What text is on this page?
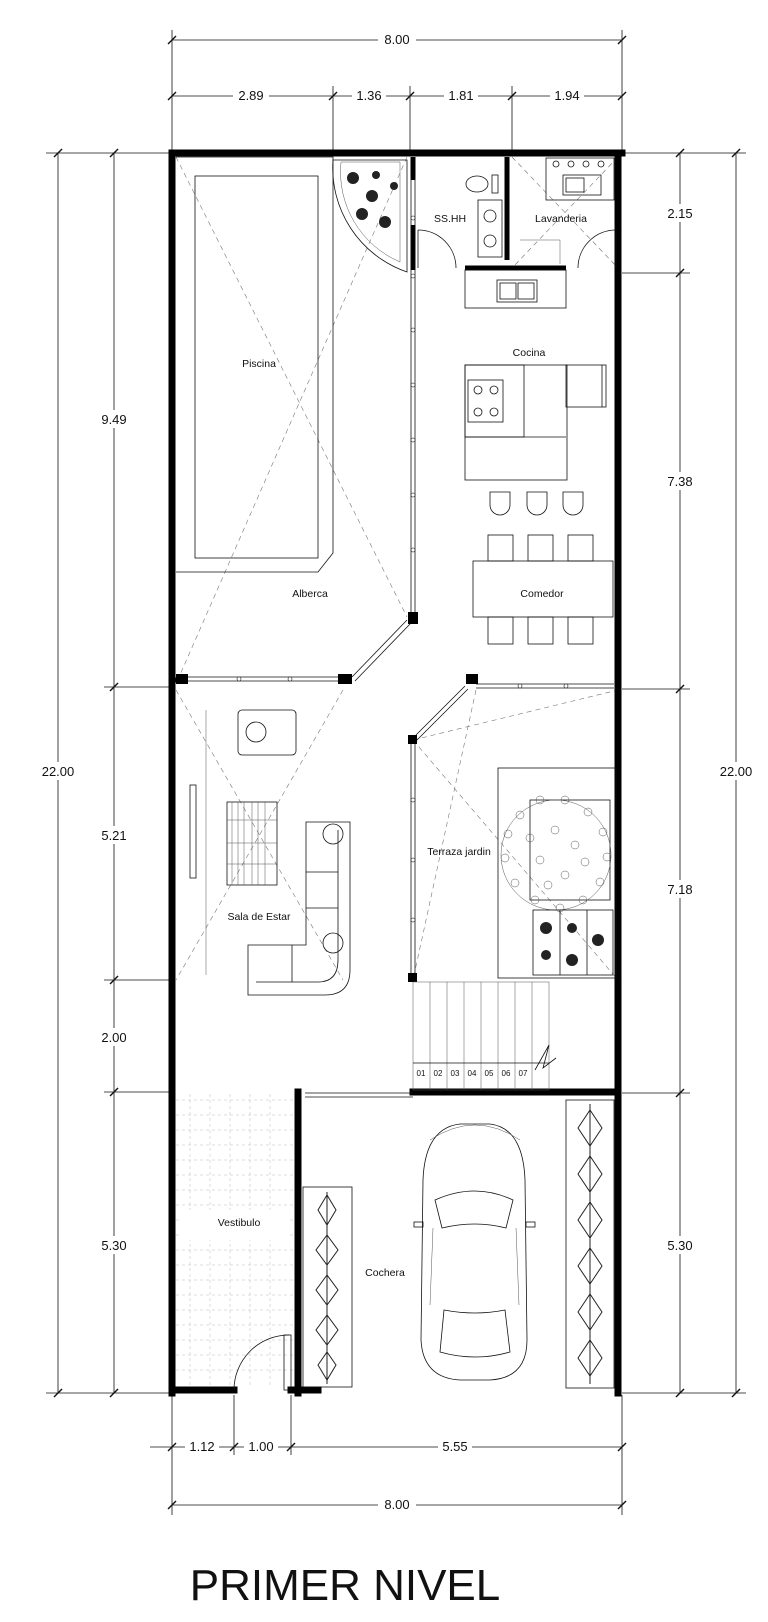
8.00
2.89	1.36	1.81	1.94
1.12	1.00	5.55
8.00
22.00
9.49
5.21
2.00
5.30
22.00
2.15
7.38
7.18
5.30
01 02 03 04 05 06 07
Piscina
Alberca
SS.HH	Lavanderia
Cocina
Comedor
Sala de Estar
Terraza jardin
Vestibulo
Cochera
PRIMER NIVEL
